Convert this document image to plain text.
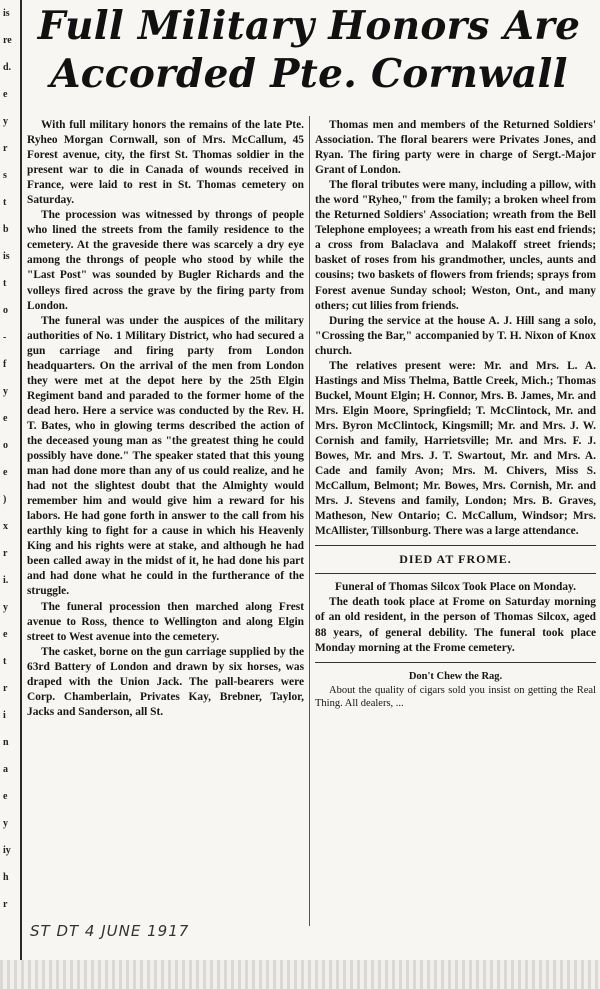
is
re
d.
e
y
r
s
t
b
is
t
o
-
f
y
e
o
e
)
x
r
i.
y
e
t
r
i
n
a
e
y
iy
h
r
Full Military Honors Are
Accorded Pte. Cornwall

With full military honors the remains of the late Pte. Ryheo Morgan Cornwall, son of Mrs. McCallum, 45 Forest avenue, city, the first St. Thomas soldier in the present war to die in Canada of wounds received in France, were laid to rest in St. Thomas cemetery on Saturday.

The procession was witnessed by throngs of people who lined the streets from the family residence to the cemetery. At the graveside there was scarcely a dry eye among the throngs of people who stood by while the "Last Post" was sounded by Bugler Richards and the volleys fired across the grave by the firing party from London.

The funeral was under the auspices of the military authorities of No. 1 Military District, who had secured a gun carriage and firing party from London headquarters. On the arrival of the men from London they were met at the depot here by the 25th Elgin Regiment band and paraded to the former home of the dead hero. Here a service was conducted by the Rev. H. T. Bates, who in glowing terms described the action of the deceased young man as "the greatest thing he could possibly have done." The speaker stated that this young man had done more than any of us could realize, and he had not the slightest doubt that the Almighty would remember him and would give him a reward for his labors. He had gone forth in answer to the call from his earthly king to fight for a cause in which his Heavenly King and his rights were at stake, and although he had been called away in the midst of it, he had done his part and had done what he could in the furtherance of the struggle.

The funeral procession then marched along Frest avenue to Ross, thence to Wellington and along Elgin street to West avenue into the cemetery.

The casket, borne on the gun carriage supplied by the 63rd Battery of London and drawn by six horses, was draped with the Union Jack. The pall-bearers were Corp. Chamberlain, Privates Kay, Brebner, Taylor, Jacks and Sanderson, all St.

Thomas men and members of the Returned Soldiers' Association. The floral bearers were Privates Jones, and Ryan. The firing party were in charge of Sergt.-Major Grant of London.

The floral tributes were many, including a pillow, with the word "Ryheo," from the family; a broken wheel from the Returned Soldiers' Association; wreath from the Bell Telephone employees; a wreath from his east end friends; a cross from Balaclava and Malakoff street friends; basket of roses from his grandmother, uncles, aunts and cousins; two baskets of flowers from friends; sprays from Forest avenue Sunday school; Weston, Ont., and many others; cut lilies from friends.

During the service at the house A. J. Hill sang a solo, "Crossing the Bar," accompanied by T. H. Nixon of Knox church.

The relatives present were: Mr. and Mrs. L. A. Hastings and Miss Thelma, Battle Creek, Mich.; Thomas Buckel, Mount Elgin; H. Connor, Mrs. B. James, Mr. and Mrs. Elgin Moore, Springfield; T. McClintock, Mr. and Mrs. Byron McClintock, Kingsmill; Mr. and Mrs. J. W. Cornish and family, Harrietsville; Mr. and Mrs. F. J. Bowes, Mr. and Mrs. J. T. Swartout, Mr. and Mrs. A. Cade and family Avon; Mrs. M. Chivers, Miss S. McCallum, Belmont; Mr. Bowes, Mrs. Cornish, Mr. and Mrs. J. Stevens and family, London; Mrs. B. Graves, Matheson, New Ontario; C. McCallum, Windsor; Mrs. McAllister, Tillsonburg. There was a large attendance.

DIED AT FROME.

Funeral of Thomas Silcox Took Place on Monday.

The death took place at Frome on Saturday morning of an old resident, in the person of Thomas Silcox, aged 88 years, of general debility. The funeral took place Monday morning at the Frome cemetery.

Don't Chew the Rag.

About the quality of cigars sold you insist on getting the Real Thing. All dealers, ...

ST DT 4 JUNE 1917
